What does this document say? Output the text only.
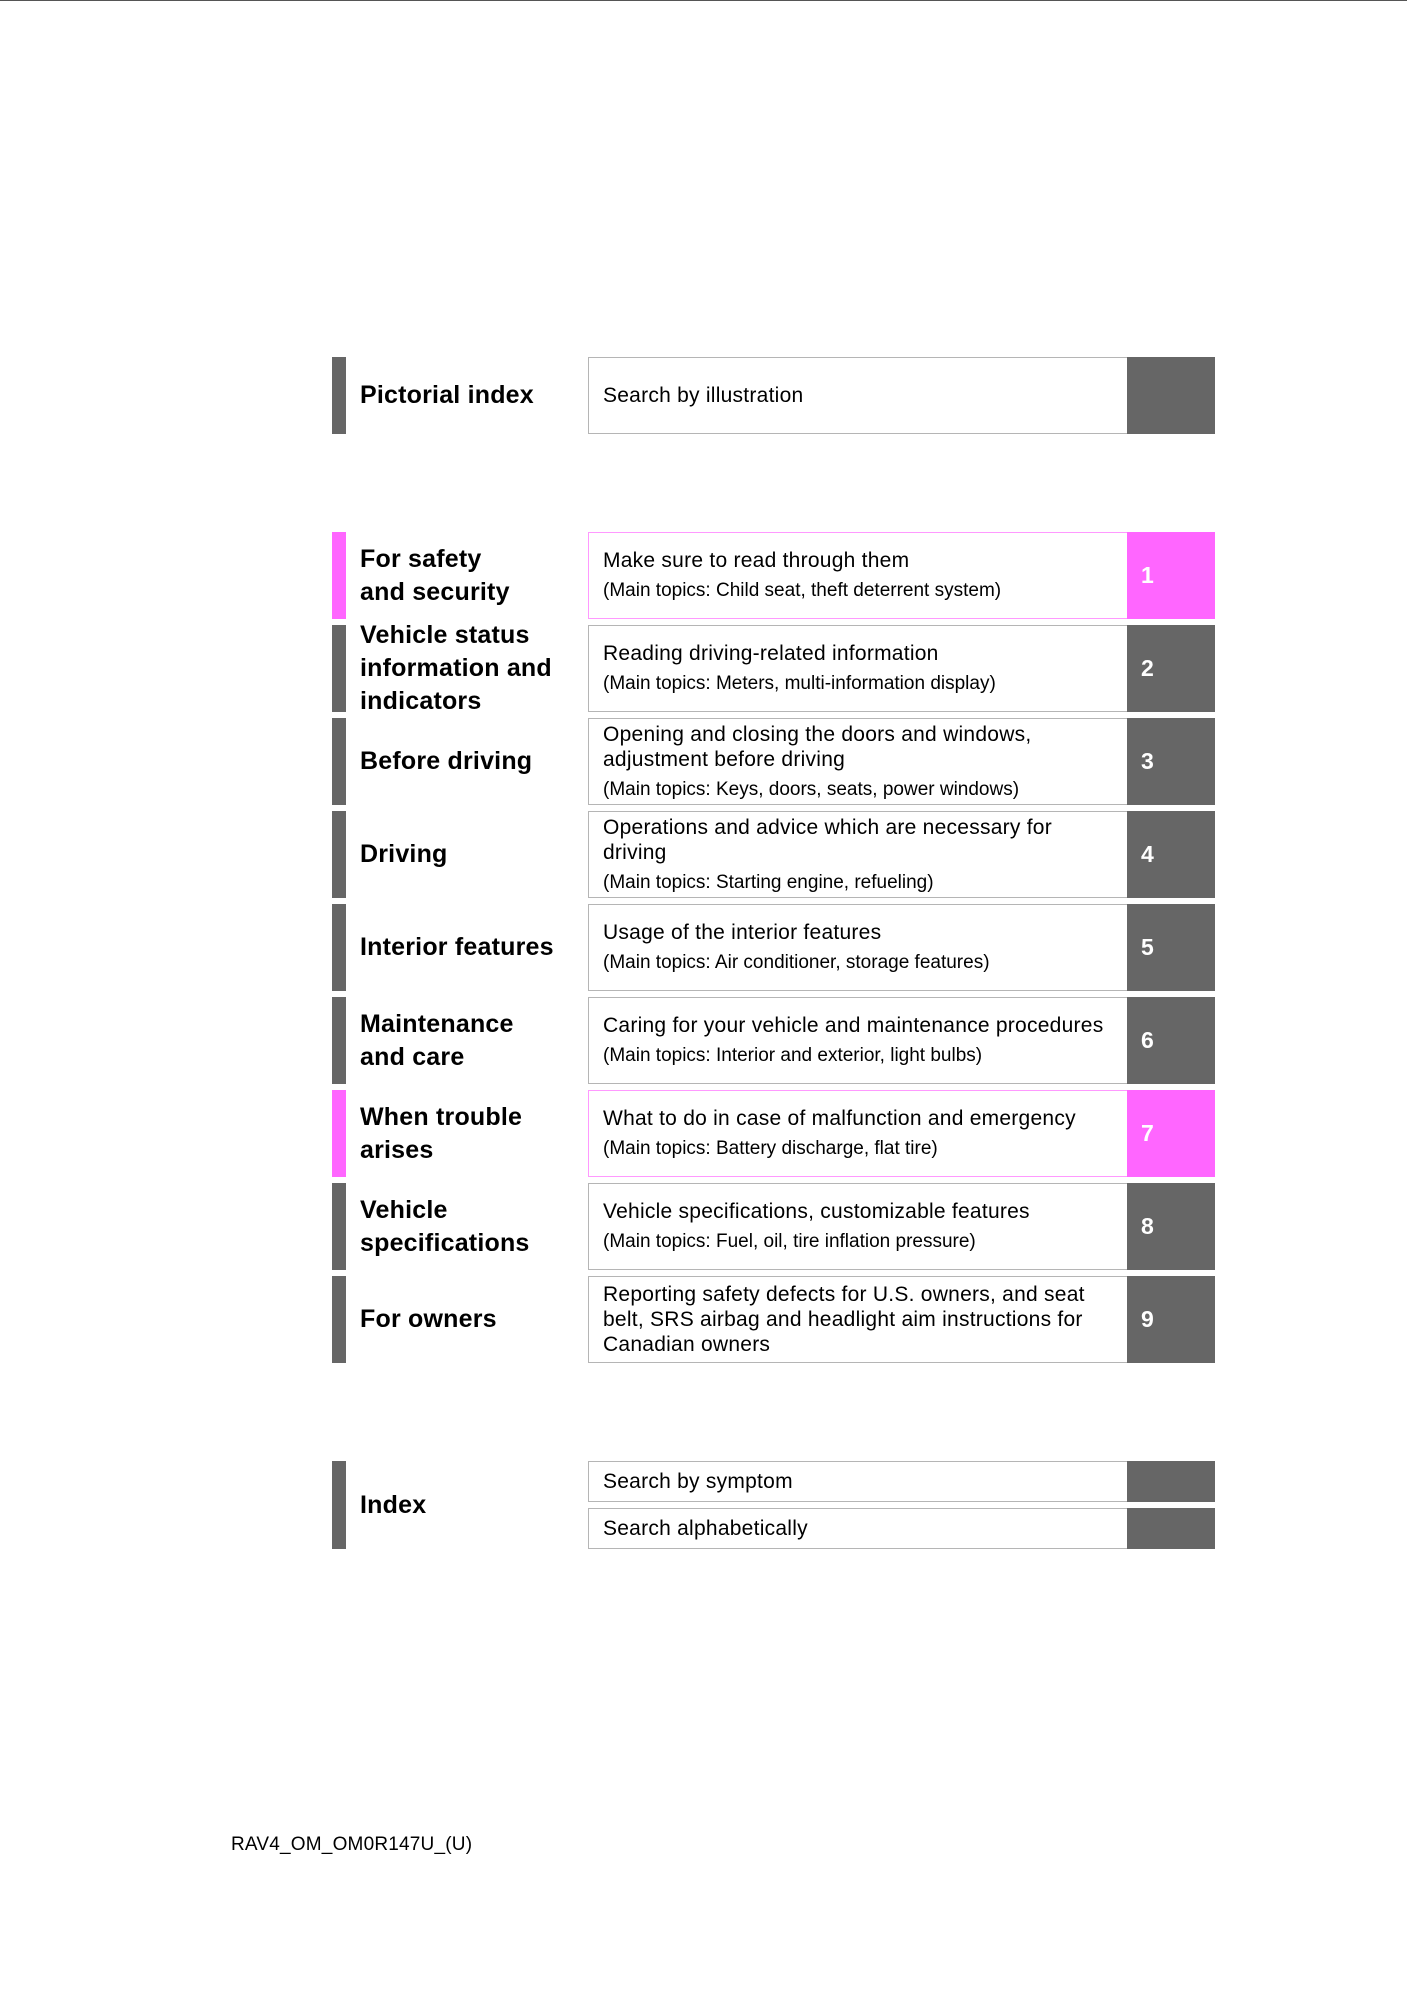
Pictorial index	Search by illustration
For safety
and security
Make sure to read through them
(Main topics: Child seat, theft deterrent system)
1
Vehicle status
information and
indicators
Reading driving-related information
(Main topics: Meters, multi-information display)
2
Before driving
Opening and closing the doors and windows, adjustment before driving
(Main topics: Keys, doors, seats, power windows)
3
Driving
Operations and advice which are necessary for driving
(Main topics: Starting engine, refueling)
4
Interior features
Usage of the interior features
(Main topics: Air conditioner, storage features)
5
Maintenance
and care
Caring for your vehicle and maintenance procedures
(Main topics: Interior and exterior, light bulbs)
6
When trouble
arises
What to do in case of malfunction and emergency
(Main topics: Battery discharge, flat tire)
7
Vehicle
specifications
Vehicle specifications, customizable features
(Main topics: Fuel, oil, tire inflation pressure)
8
For owners
Reporting safety defects for U.S. owners, and seat belt, SRS airbag and headlight aim instructions for Canadian owners
9
Index
Search by symptom
Search alphabetically
RAV4_OM_OM0R147U_(U)
